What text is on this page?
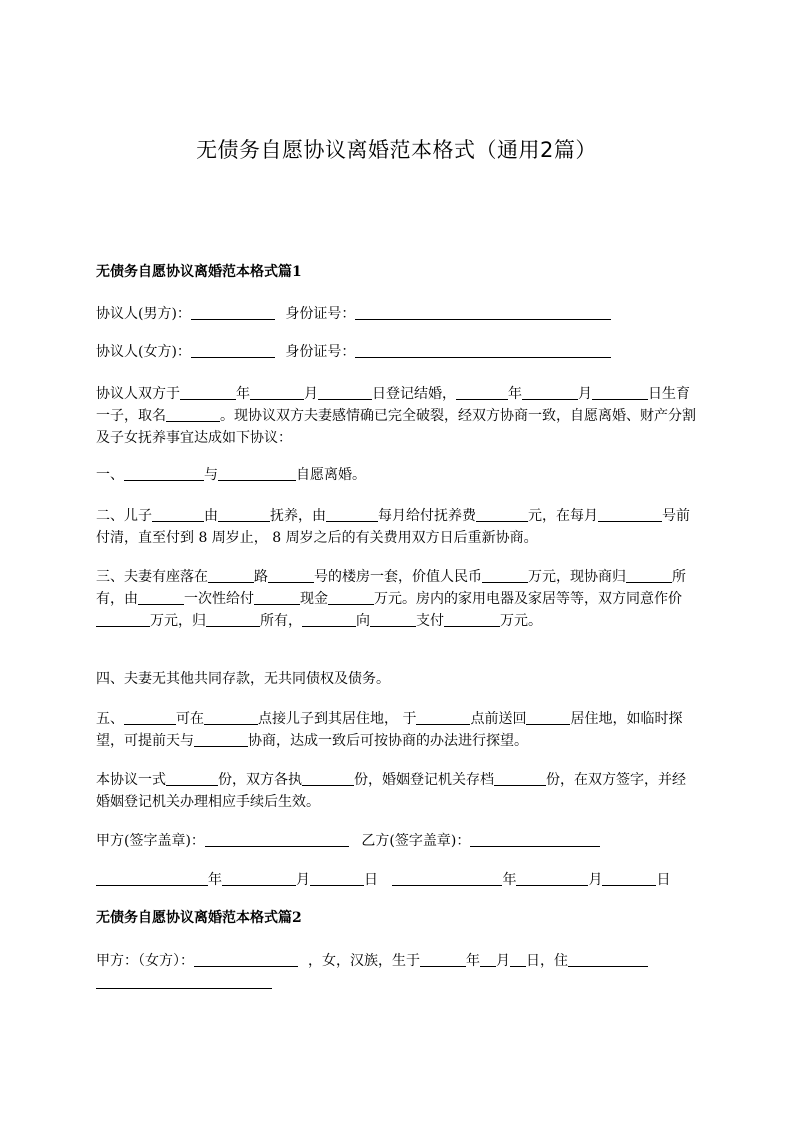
无债务自愿协议离婚范本格式（通用2篇）
无债务自愿协议离婚范本格式篇1
协议人(男方)：	身份证号：
协议人(女方)：	身份证号：
协议人双方于	年	月	日登记结婚，	年	月	日生育一子，取名	。现协议双方夫妻感情确已完全破裂，经双方协商一致，自愿离婚、财产分割及子女抚养事宜达成如下协议：
一、	与	自愿离婚。
二、儿子	由	抚养，由	每月给付抚养费	元，在每月	号前付清，直至付到 8 周岁止， 8 周岁之后的有关费用双方日后重新协商。
三、夫妻有座落在	路	号的楼房一套，价值人民币	万元，现协商归	所有，由	一次性给付	现金	万元。房内的家用电器及家居等等，双方同意作价万元，归	所有，	向	支付	万元。
四、夫妻无其他共同存款，无共同债权及债务。
五、	可在	点接儿子到其居住地， 于	点前送回	居住地，如临时探望，可提前天与	协商，达成一致后可按协商的办法进行探望。
本协议一式	份，双方各执	份，婚姻登记机关存档	份，在双方签字，并经婚姻登记机关办理相应手续后生效。
甲方(签字盖章)：	乙方(签字盖章)：
年	月	日	年	月	日
无债务自愿协议离婚范本格式篇2
甲方：（女方）：	，女，汉族，生于	年 月 日，住
